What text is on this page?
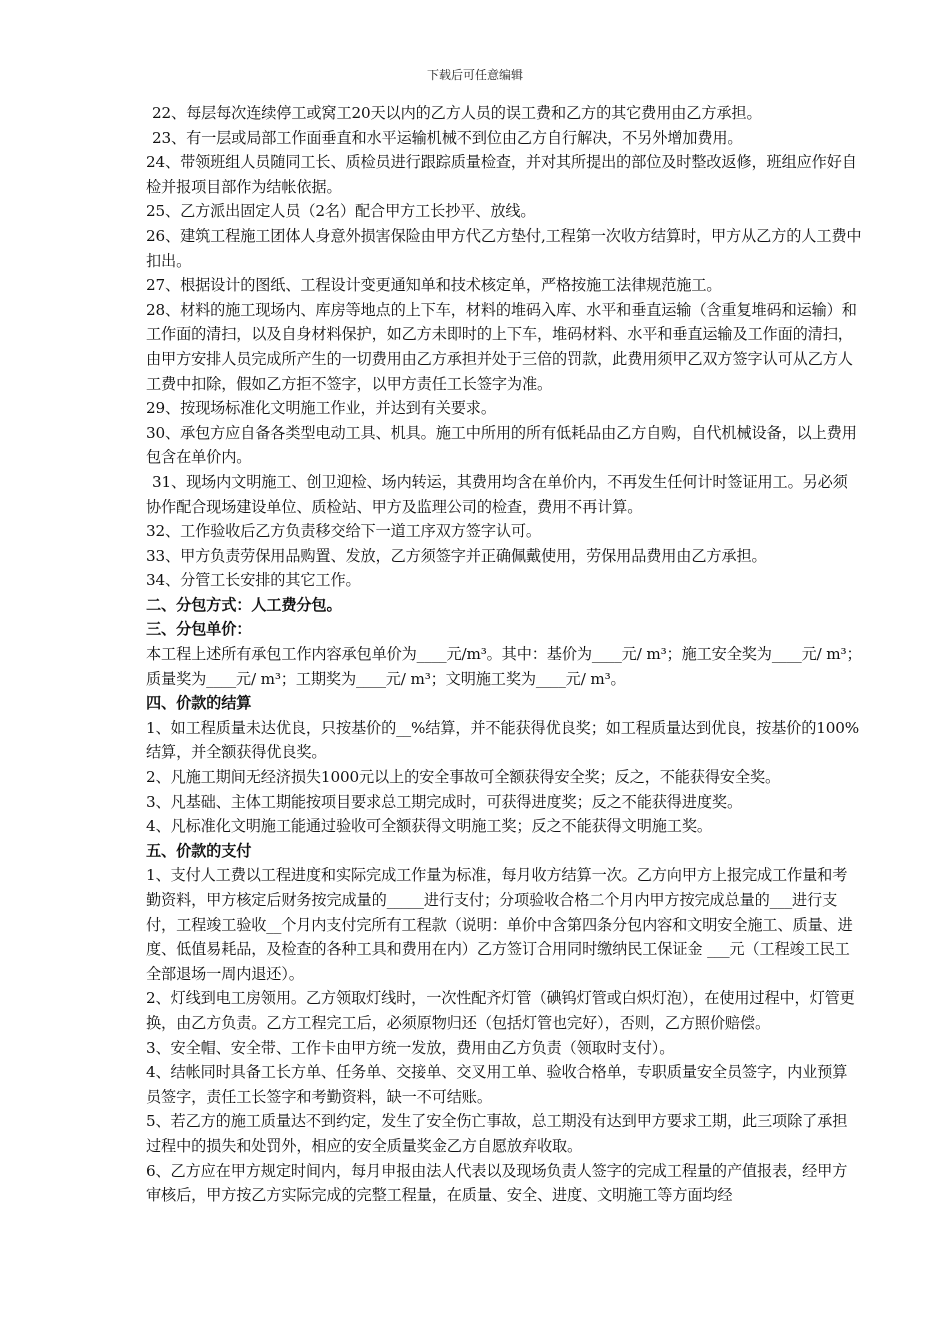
下载后可任意编辑

22、每层每次连续停工或窝工20天以内的乙方人员的误工费和乙方的其它费用由乙方承担。

23、有一层或局部工作面垂直和水平运输机械不到位由乙方自行解决，不另外增加费用。

24、带领班组人员随同工长、质检员进行跟踪质量检查，并对其所提出的部位及时整改返修，班组应作好自检并报项目部作为结帐依据。

25、乙方派出固定人员（2名）配合甲方工长抄平、放线。

26、建筑工程施工团体人身意外损害保险由甲方代乙方垫付,工程第一次收方结算时，甲方从乙方的人工费中扣出。

27、根据设计的图纸、工程设计变更通知单和技术核定单，严格按施工法律规范施工。

28、材料的施工现场内、库房等地点的上下车，材料的堆码入库、水平和垂直运输（含重复堆码和运输）和工作面的清扫，以及自身材料保护，如乙方未即时的上下车，堆码材料、水平和垂直运输及工作面的清扫，由甲方安排人员完成所产生的一切费用由乙方承担并处于三倍的罚款，此费用须甲乙双方签字认可从乙方人工费中扣除，假如乙方拒不签字，以甲方责任工长签字为准。

29、按现场标准化文明施工作业，并达到有关要求。

30、承包方应自备各类型电动工具、机具。施工中所用的所有低耗品由乙方自购，自代机械设备，以上费用包含在单价内。

31、现场内文明施工、创卫迎检、场内转运，其费用均含在单价内，不再发生任何计时签证用工。另必须协作配合现场建设单位、质检站、甲方及监理公司的检查，费用不再计算。

32、工作验收后乙方负责移交给下一道工序双方签字认可。

33、甲方负责劳保用品购置、发放，乙方须签字并正确佩戴使用，劳保用品费用由乙方承担。

34、分管工长安排的其它工作。

二、分包方式：人工费分包。

三、分包单价：

本工程上述所有承包工作内容承包单价为____元/m³。其中：基价为____元/ m³；施工安全奖为____元/ m³；质量奖为____元/ m³；工期奖为____元/ m³；文明施工奖为____元/ m³。

四、价款的结算

1、如工程质量未达优良，只按基价的__%结算，并不能获得优良奖；如工程质量达到优良，按基价的100%结算，并全额获得优良奖。

2、凡施工期间无经济损失1000元以上的安全事故可全额获得安全奖；反之，不能获得安全奖。

3、凡基础、主体工期能按项目要求总工期完成时，可获得进度奖；反之不能获得进度奖。

4、凡标准化文明施工能通过验收可全额获得文明施工奖；反之不能获得文明施工奖。

五、价款的支付

1、支付人工费以工程进度和实际完成工作量为标准，每月收方结算一次。乙方向甲方上报完成工作量和考勤资料，甲方核定后财务按完成量的_____进行支付；分项验收合格二个月内甲方按完成总量的___进行支付，工程竣工验收__个月内支付完所有工程款（说明：单价中含第四条分包内容和文明安全施工、质量、进度、低值易耗品，及检查的各种工具和费用在内）乙方签订合用同时缴纳民工保证金 ___元（工程竣工民工全部退场一周内退还）。

2、灯线到电工房领用。乙方领取灯线时，一次性配齐灯管（碘钨灯管或白炽灯泡），在使用过程中，灯管更换，由乙方负责。乙方工程完工后，必须原物归还（包括灯管也完好），否则，乙方照价赔偿。

3、安全帽、安全带、工作卡由甲方统一发放，费用由乙方负责（领取时支付）。

4、结帐同时具备工长方单、任务单、交接单、交叉用工单、验收合格单，专职质量安全员签字，内业预算员签字，责任工长签字和考勤资料，缺一不可结账。

5、若乙方的施工质量达不到约定，发生了安全伤亡事故，总工期没有达到甲方要求工期，此三项除了承担过程中的损失和处罚外，相应的安全质量奖金乙方自愿放弃收取。

6、乙方应在甲方规定时间内，每月申报由法人代表以及现场负责人签字的完成工程量的产值报表，经甲方审核后，甲方按乙方实际完成的完整工程量，在质量、安全、进度、文明施工等方面均经
